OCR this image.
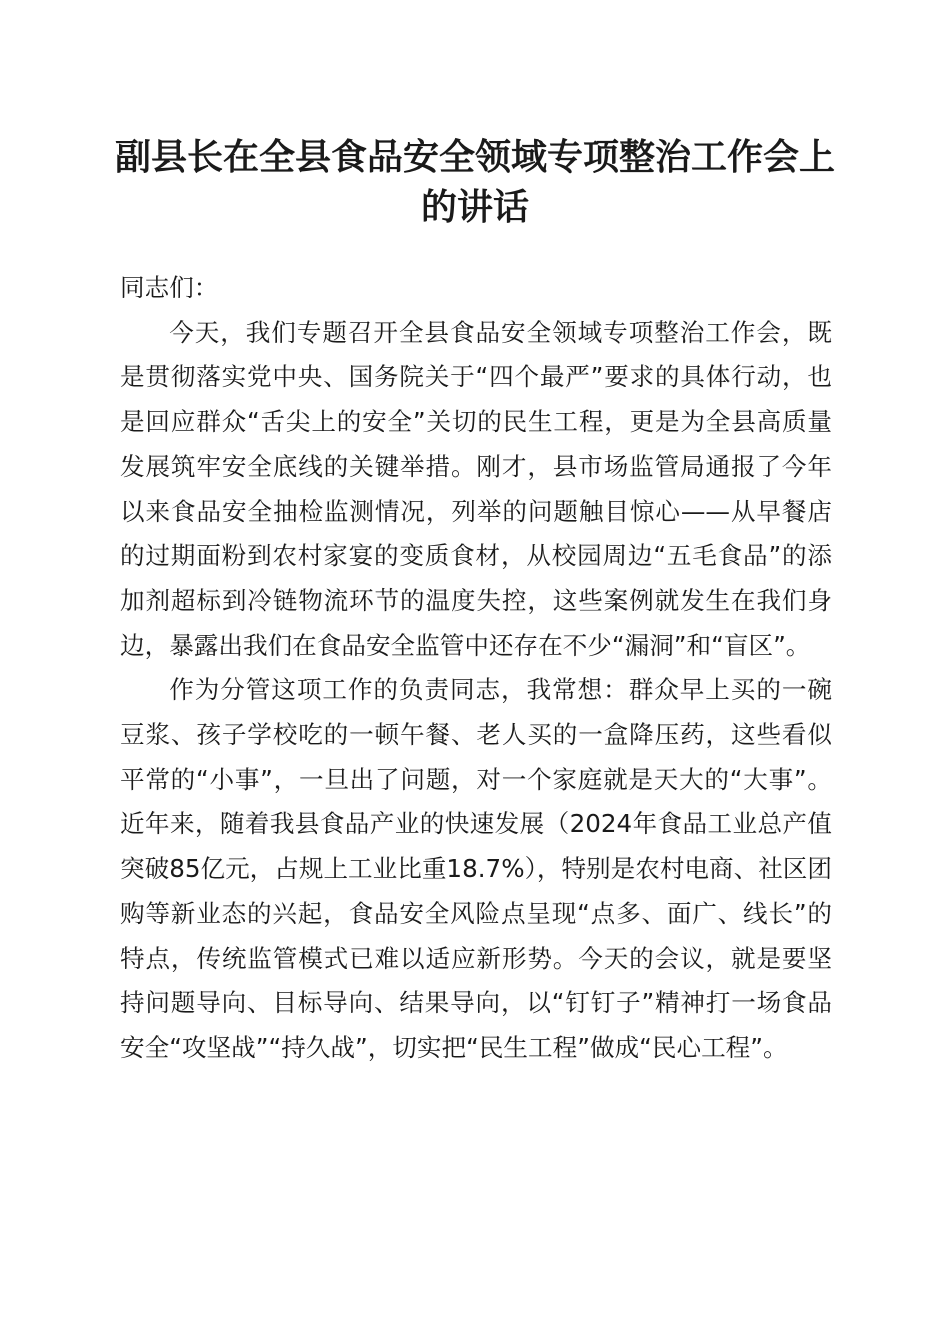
副县长在全县食品安全领域专项整治工作会上的讲话

同志们：

今天，我们专题召开全县食品安全领域专项整治工作会，既是贯彻落实党中央、国务院关于“四个最严”要求的具体行动，也是回应群众“舌尖上的安全”关切的民生工程，更是为全县高质量发展筑牢安全底线的关键举措。刚才，县市场监管局通报了今年以来食品安全抽检监测情况，列举的问题触目惊心——从早餐店的过期面粉到农村家宴的变质食材，从校园周边“五毛食品”的添加剂超标到冷链物流环节的温度失控，这些案例就发生在我们身边，暴露出我们在食品安全监管中还存在不少“漏洞”和“盲区”。

作为分管这项工作的负责同志，我常想：群众早上买的一碗豆浆、孩子学校吃的一顿午餐、老人买的一盒降压药，这些看似平常的“小事”，一旦出了问题，对一个家庭就是天大的“大事”。近年来，随着我县食品产业的快速发展（2024年食品工业总产值突破85亿元，占规上工业比重18.7%），特别是农村电商、社区团购等新业态的兴起，食品安全风险点呈现“点多、面广、线长”的特点，传统监管模式已难以适应新形势。今天的会议，就是要坚持问题导向、目标导向、结果导向，以“钉钉子”精神打一场食品安全“攻坚战”“持久战”，切实把“民生工程”做成“民心工程”。
